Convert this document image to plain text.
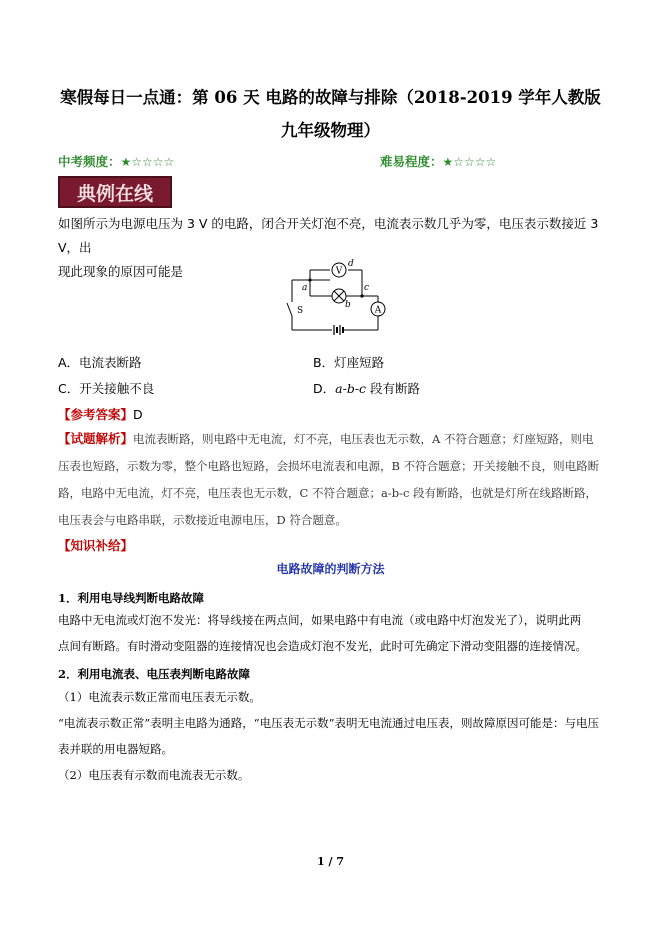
寒假每日一点通：第 06 天 电路的故障与排除（2018-2019 学年人教版
九年级物理）
中考频度：★☆☆☆☆	难易程度：★☆☆☆☆
典例在线
如图所示为电源电压为 3 V 的电路，闭合开关灯泡不亮，电流表示数几乎为零，电压表示数接近 3 V，出
现此现象的原因可能是	V
A
a
b
c
d
S
A．电流表断路	B．灯座短路
C．开关接触不良	D．a-b-c 段有断路
【参考答案】D
【试题解析】电流表断路，则电路中无电流，灯不亮，电压表也无示数，A 不符合题意；灯座短路，则电
压表也短路，示数为零，整个电路也短路，会损坏电流表和电源，B 不符合题意；开关接触不良，则电路断
路，电路中无电流，灯不亮，电压表也无示数，C 不符合题意；a-b-c 段有断路，也就是灯所在线路断路，
电压表会与电路串联，示数接近电源电压，D 符合题意。
【知识补给】
电路故障的判断方法
1．利用电导线判断电路故障
电路中无电流或灯泡不发光：将导线接在两点间，如果电路中有电流（或电路中灯泡发光了），说明此两
点间有断路。有时滑动变阻器的连接情况也会造成灯泡不发光，此时可先确定下滑动变阻器的连接情况。
2．利用电流表、电压表判断电路故障
（1）电流表示数正常而电压表无示数。
“电流表示数正常”表明主电路为通路，“电压表无示数”表明无电流通过电压表，则故障原因可能是：与电压
表并联的用电器短路。
（2）电压表有示数而电流表无示数。
1 / 7
